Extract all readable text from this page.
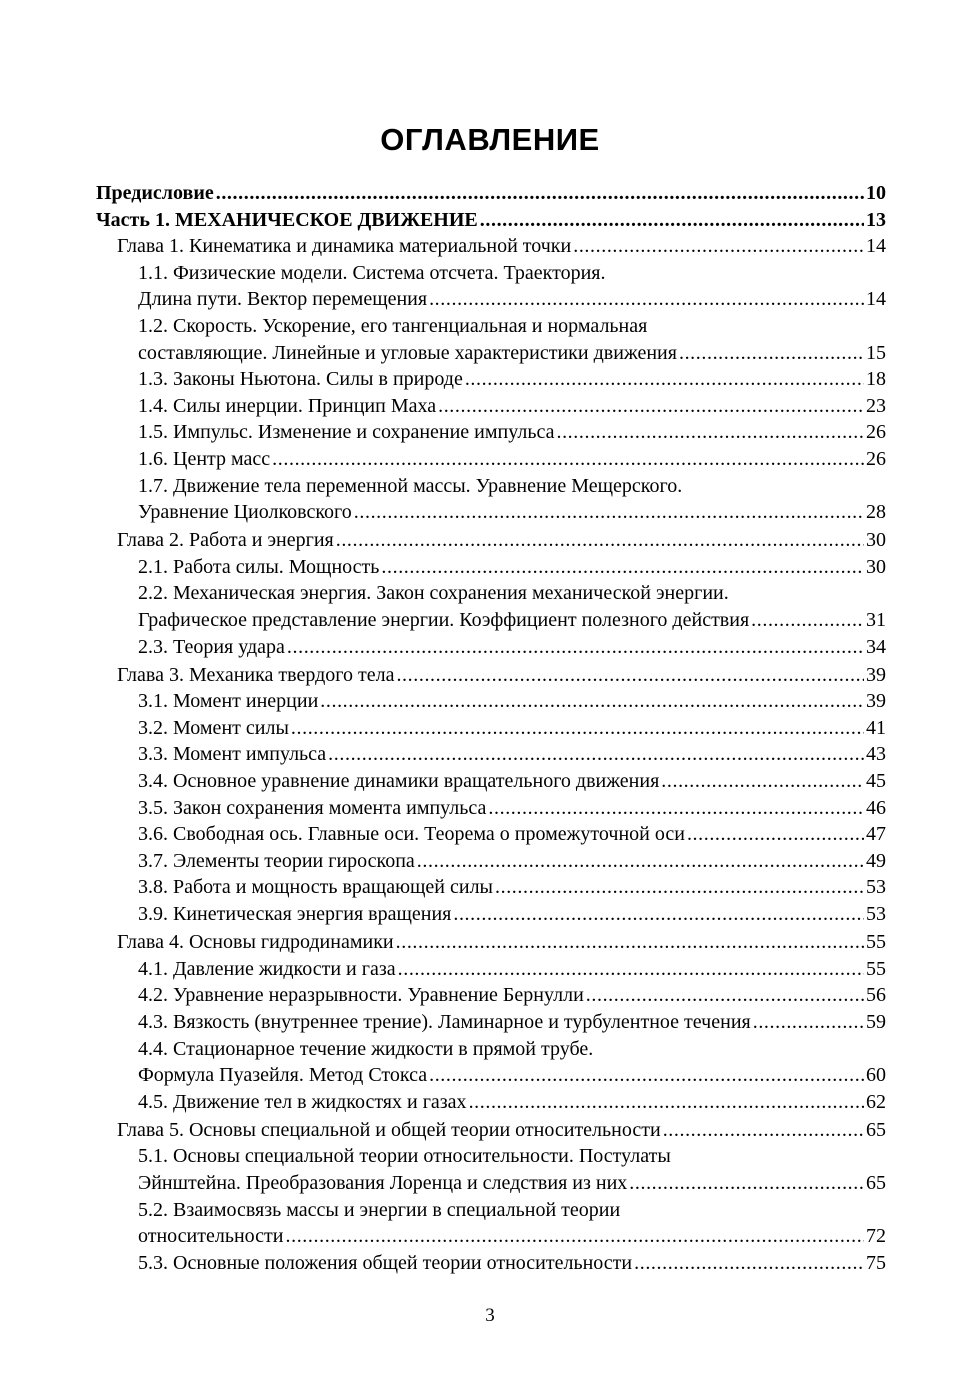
ОГЛАВЛЕНИЕ
Предисловие .....	10
Часть 1. МЕХАНИЧЕСКОЕ ДВИЖЕНИЕ .....	13
Глава 1. Кинематика и динамика материальной точки .....	14
1.1. Физические модели. Система отсчета. Траектория.
Длина пути. Вектор перемещения .....	14
1.2. Скорость. Ускорение, его тангенциальная и нормальная
составляющие. Линейные и угловые характеристики движения .....	15
1.3. Законы Ньютона. Силы в природе .....	18
1.4. Силы инерции. Принцип Маха .....	23
1.5. Импульс. Изменение и сохранение импульса .....	26
1.6. Центр масс .....	26
1.7. Движение тела переменной массы. Уравнение Мещерского.
Уравнение Циолковского .....	28
Глава 2. Работа и энергия .....	30
2.1. Работа силы. Мощность .....	30
2.2. Механическая энергия. Закон сохранения механической энергии.
Графическое представление энергии. Коэффициент полезного действия .....	31
2.3. Теория удара .....	34
Глава 3. Механика твердого тела .....	39
3.1. Момент инерции .....	39
3.2. Момент силы .....	41
3.3. Момент импульса .....	43
3.4. Основное уравнение динамики вращательного движения .....	45
3.5. Закон сохранения момента импульса .....	46
3.6. Свободная ось. Главные оси. Теорема о промежуточной оси .....	47
3.7. Элементы теории гироскопа .....	49
3.8. Работа и мощность вращающей силы .....	53
3.9. Кинетическая энергия вращения .....	53
Глава 4. Основы гидродинамики .....	55
4.1. Давление жидкости и газа .....	55
4.2. Уравнение неразрывности. Уравнение Бернулли .....	56
4.3. Вязкость (внутреннее трение). Ламинарное и турбулентное течения .....	59
4.4. Стационарное течение жидкости в прямой трубе.
Формула Пуазейля. Метод Стокса .....	60
4.5. Движение тел в жидкостях и газах .....	62
Глава 5. Основы специальной и общей теории относительности .....	65
5.1. Основы специальной теории относительности. Постулаты
Эйнштейна. Преобразования Лоренца и следствия из них .....	65
5.2. Взаимосвязь массы и энергии в специальной теории
относительности .....	72
5.3. Основные положения общей теории относительности .....	75
3
